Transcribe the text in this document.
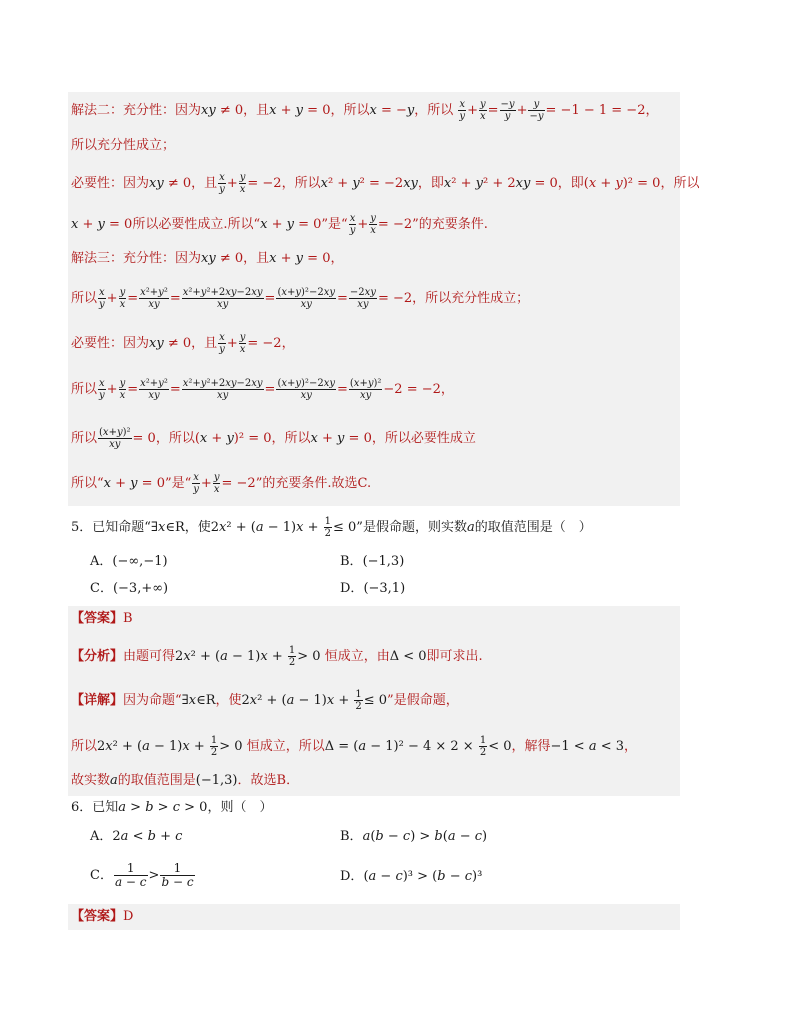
解法二：充分性：因为xy ≠ 0，且x + y = 0，所以x = −y，所以 $\frac{x}{y} + \frac{y}{x} = \frac{-y}{y} + \frac{y}{-y} = -1 - 1 = -2$，
所以充分性成立；
必要性：因为xy ≠ 0，且 $\frac{x}{y} + \frac{y}{x} = -2$，所以x² + y² = −2xy，即x² + y² + 2xy = 0，即(x + y)² = 0，所以
x + y = 0所以必要性成立.所以“x + y = 0”是“ $\frac{x}{y} + \frac{y}{x} = -2$”的充要条件.
解法三：充分性：因为xy ≠ 0，且x + y = 0，
所以 $\frac{x}{y} + \frac{y}{x} = \frac{\text{x²+y²}}{xy} = \frac{\text{x²+y²+2xy−2xy}}{xy} = \frac{\text{(x+y)²−2xy}}{xy} = \frac{-2xy}{xy} = -2$，所以充分性成立；
必要性：因为xy ≠ 0，且 $\frac{x}{y} + \frac{y}{x} = -2$，
所以 $\frac{x}{y} + \frac{y}{x} = \frac{\text{x²+y²}}{xy} = \frac{\text{x²+y²+2xy−2xy}}{xy} = \frac{\text{(x+y)²−2xy}}{xy} = \frac{\text{(x+y)²}}{xy} -2 = -2$，
所以 $\frac{\text{(x+y)²}}{xy} = 0$，所以(x + y)² = 0，所以x + y = 0，所以必要性成立
所以“x + y = 0”是“ $\frac{x}{y} + \frac{y}{x} = -2$”的充要条件.故选C.
5．已知命题“∃x∈R，使$2x^2 + (a - 1)x + \frac{1}{2} \le 0$”是假命题，则实数a的取值范围是（　）
A．(−∞,−1)	B．(−1,3)
C．(−3,+∞)	D．(−3,1)
【答案】B
【分析】由题可得$2x^2 + (a - 1)x + \frac{1}{2} > 0$ 恒成立，由Δ < 0即可求出.
【详解】因为命题“∃x∈R，使$2x^2 + (a - 1)x + \frac{1}{2} \le 0$”是假命题，
所以$2x^2 + (a - 1)x + \frac{1}{2} > 0$ 恒成立，所以$\Delta = (a - 1)^2 - 4 \times 2 \times \frac{1}{2} < 0$，解得−1 < a < 3，
故实数a的取值范围是(−1,3)．故选B．
6．已知a > b > c > 0，则（　）
A．2a < b + c	B．a(b − c) > b(a − c)
C． $\frac{1}{a - c} > \frac{1}{b - c}$	D．(a − c)³ > (b − c)³
【答案】D
